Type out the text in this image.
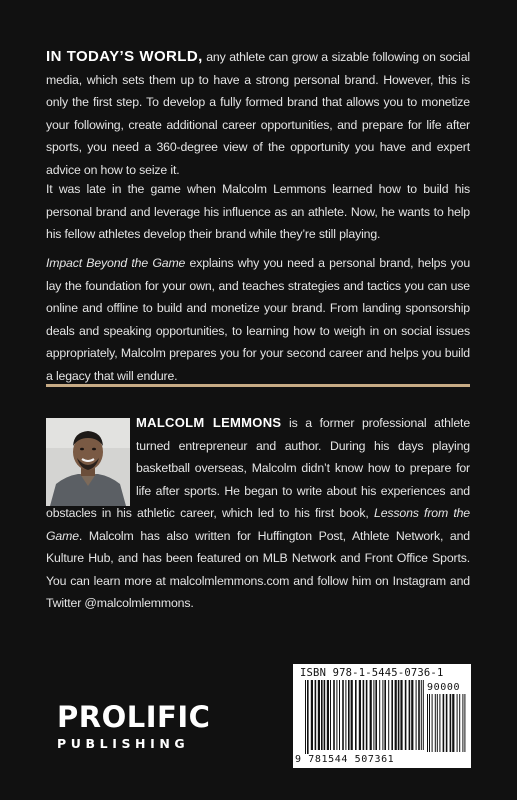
IN TODAY’S WORLD, any athlete can grow a sizable following on social media, which sets them up to have a strong personal brand. However, this is only the first step. To develop a fully formed brand that allows you to monetize your following, create additional career opportunities, and prepare for life after sports, you need a 360-degree view of the opportunity you have and expert advice on how to seize it.
It was late in the game when Malcolm Lemmons learned how to build his personal brand and leverage his influence as an athlete. Now, he wants to help his fellow athletes develop their brand while they’re still playing.
Impact Beyond the Game explains why you need a personal brand, helps you lay the foundation for your own, and teaches strategies and tactics you can use online and offline to build and monetize your brand. From landing sponsorship deals and speaking opportunities, to learning how to weigh in on social issues appropriately, Malcolm prepares you for your second career and helps you build a legacy that will endure.
MALCOLM LEMMONS is a former professional athlete turned entrepreneur and author. During his days playing basketball overseas, Malcolm didn’t know how to prepare for life after sports. He began to write about his experiences and obstacles in his athletic career, which led to his first book, Lessons from the Game. Malcolm has also written for Huffington Post, Athlete Network, and Kulture Hub, and has been featured on MLB Network and Front Office Sports. You can learn more at malcolmlemmons.com and follow him on Instagram and Twitter @malcolmlemmons.
PROLIFIC
PUBLISHING
ISBN 978-1-5445-0736-1
90000
9 781544 507361
